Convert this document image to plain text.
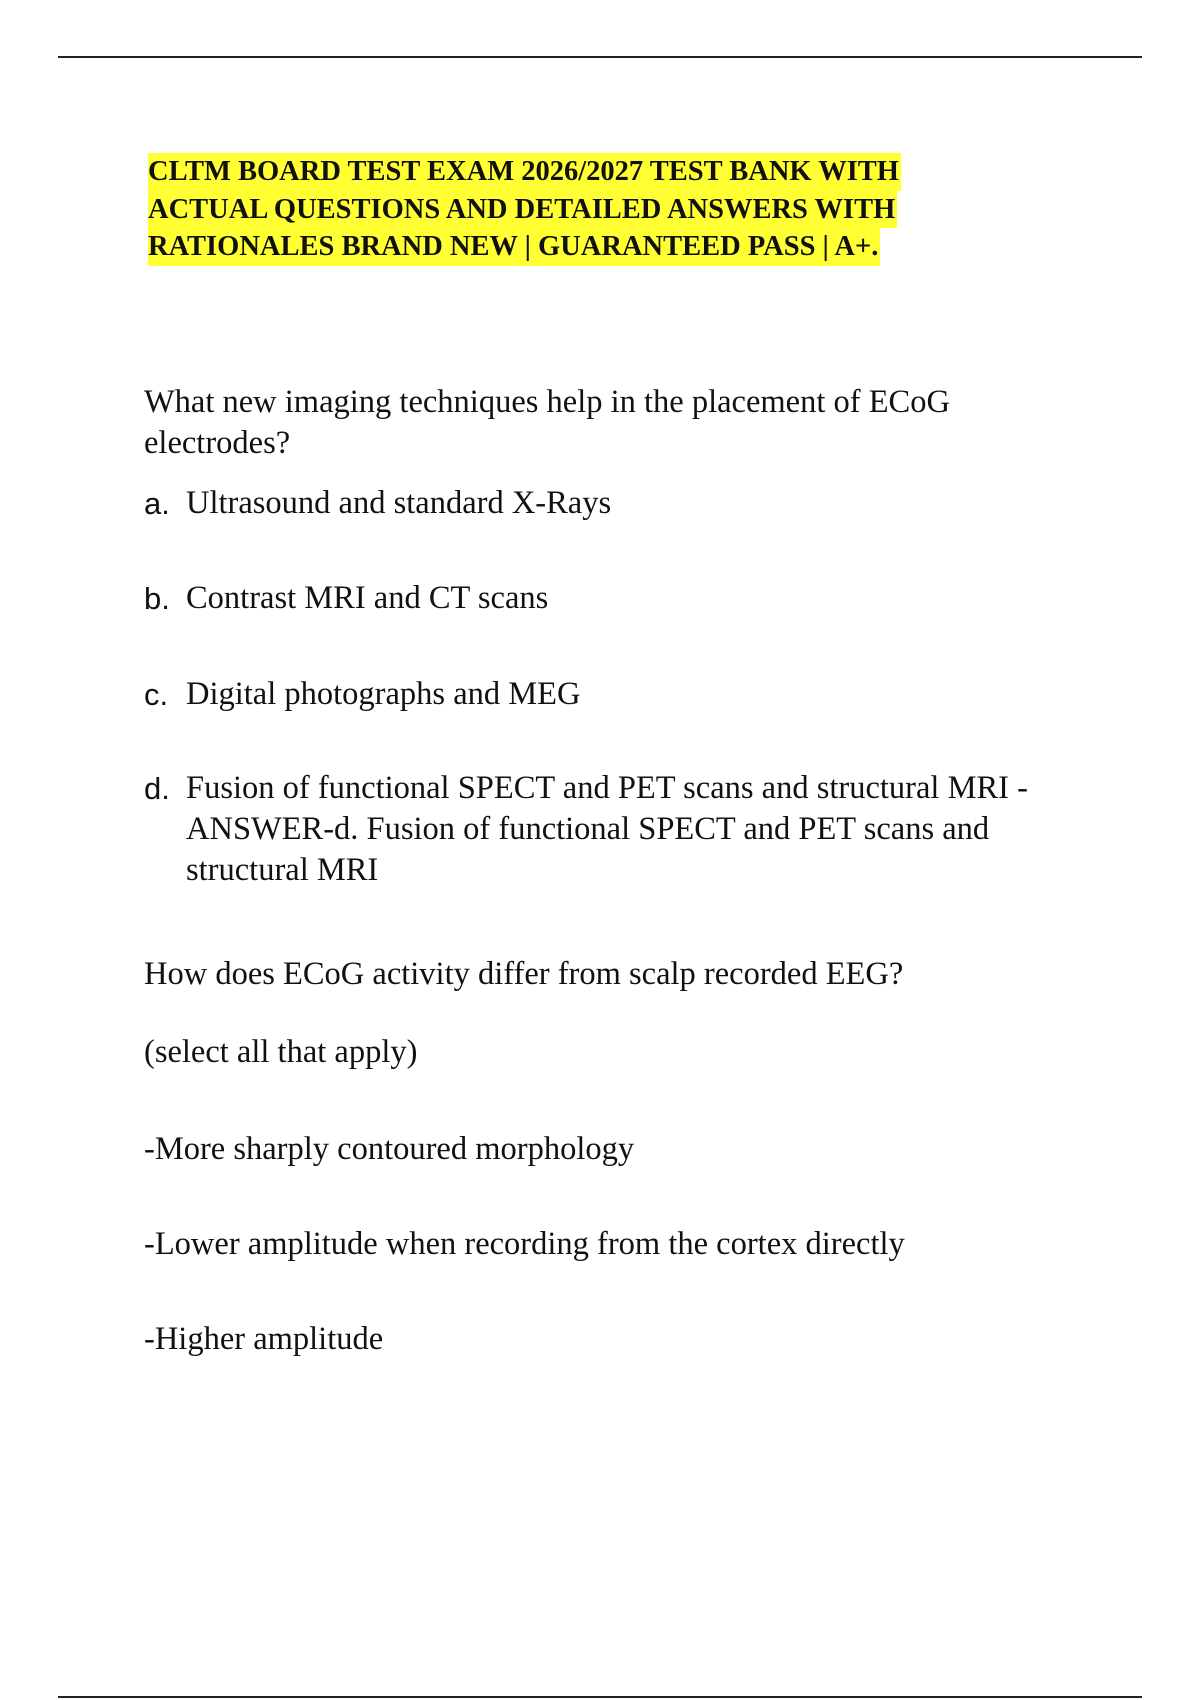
CLTM BOARD TEST EXAM 2026/2027 TEST BANK WITH
ACTUAL QUESTIONS AND DETAILED ANSWERS WITH
RATIONALES BRAND NEW | GUARANTEED PASS | A+.

What new imaging techniques help in the placement of ECoG electrodes?

a. Ultrasound and standard X-Rays
b. Contrast MRI and CT scans
c. Digital photographs and MEG
d. Fusion of functional SPECT and PET scans and structural MRI - ANSWER-d. Fusion of functional SPECT and PET scans and structural MRI

How does ECoG activity differ from scalp recorded EEG?

(select all that apply)

-More sharply contoured morphology

-Lower amplitude when recording from the cortex directly

-Higher amplitude
